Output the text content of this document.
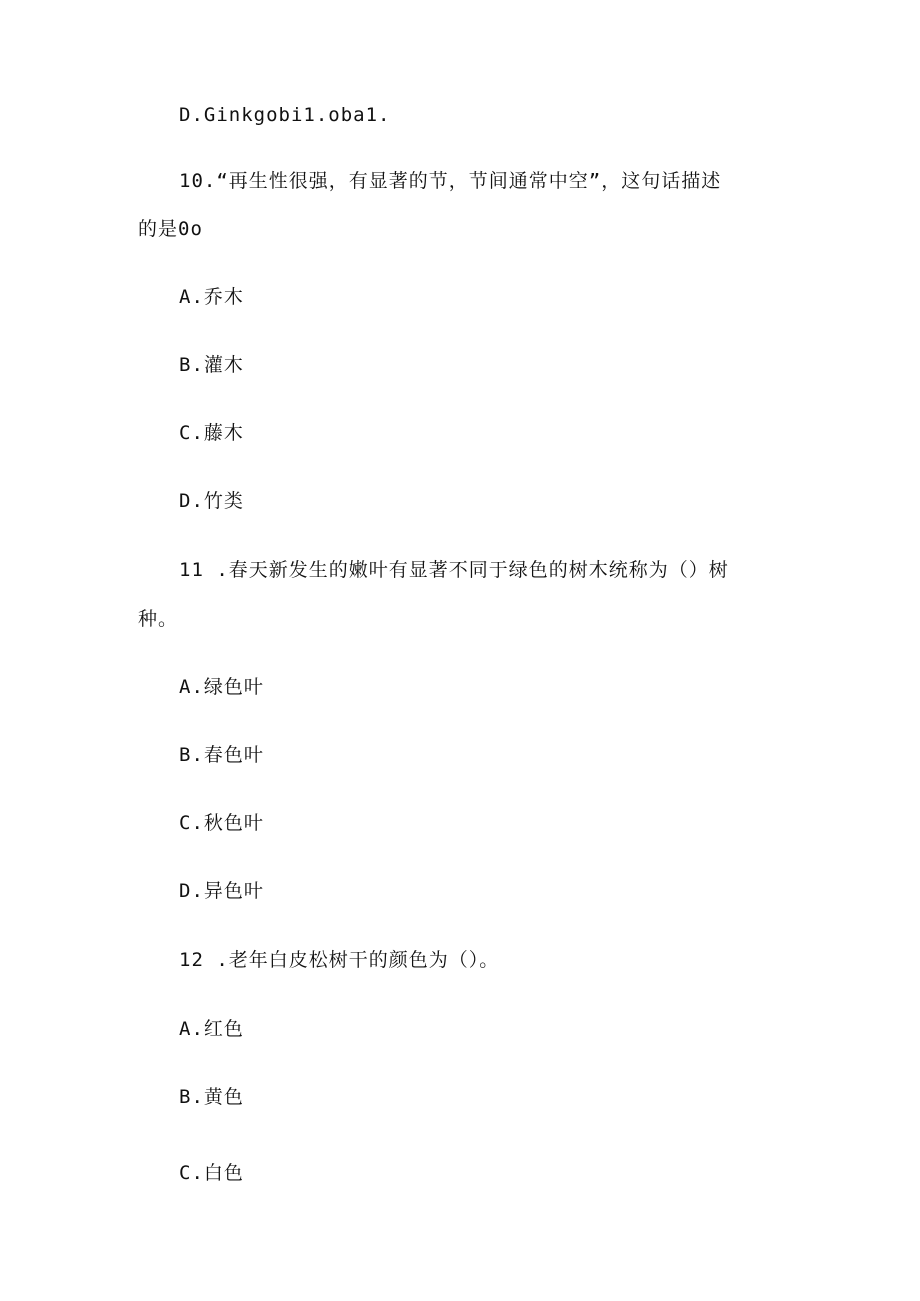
D.Ginkgobi1.oba1.
10.“再生性很强，有显著的节，节间通常中空”，这句话描述
的是0o
A.乔木
B.灌木
C.藤木
D.竹类
11 .春天新发生的嫩叶有显著不同于绿色的树木统称为（）树
种。
A.绿色叶
B.春色叶
C.秋色叶
D.异色叶
12 .老年白皮松树干的颜色为（）。
A.红色
B.黄色
C.白色
